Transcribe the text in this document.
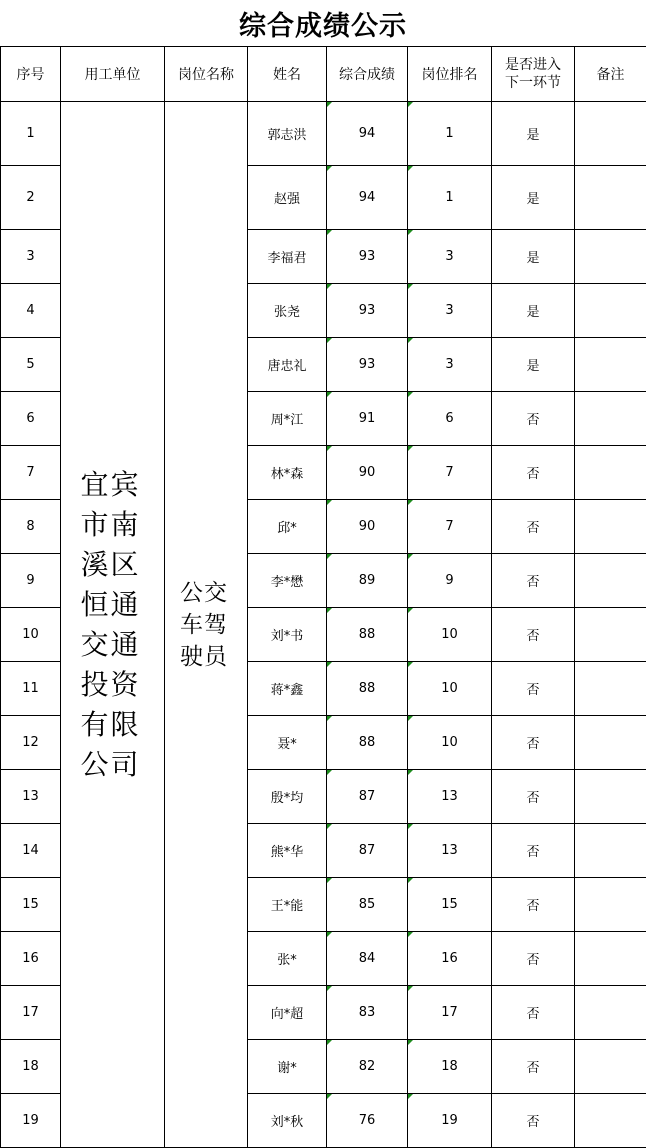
综合成绩公示
序号	用工单位	岗位名称	姓名	综合成绩	岗位排名	是否进入下一环节	备注
1	宜宾市南溪区恒通交通投资有限公司	公交车驾驶员	郭志洪	94	1	是	
2			赵强	94	1	是	
3			李福君	93	3	是	
4			张尧	93	3	是	
5			唐忠礼	93	3	是	
6			周*江	91	6	否	
7			林*森	90	7	否	
8			邱*	90	7	否	
9			李*懋	89	9	否	
10			刘*书	88	10	否	
11			蒋*鑫	88	10	否	
12			聂*	88	10	否	
13			殷*均	87	13	否	
14			熊*华	87	13	否	
15			王*能	85	15	否	
16			张*	84	16	否	
17			向*超	83	17	否	
18			谢*	82	18	否	
19			刘*秋	76	19	否	
